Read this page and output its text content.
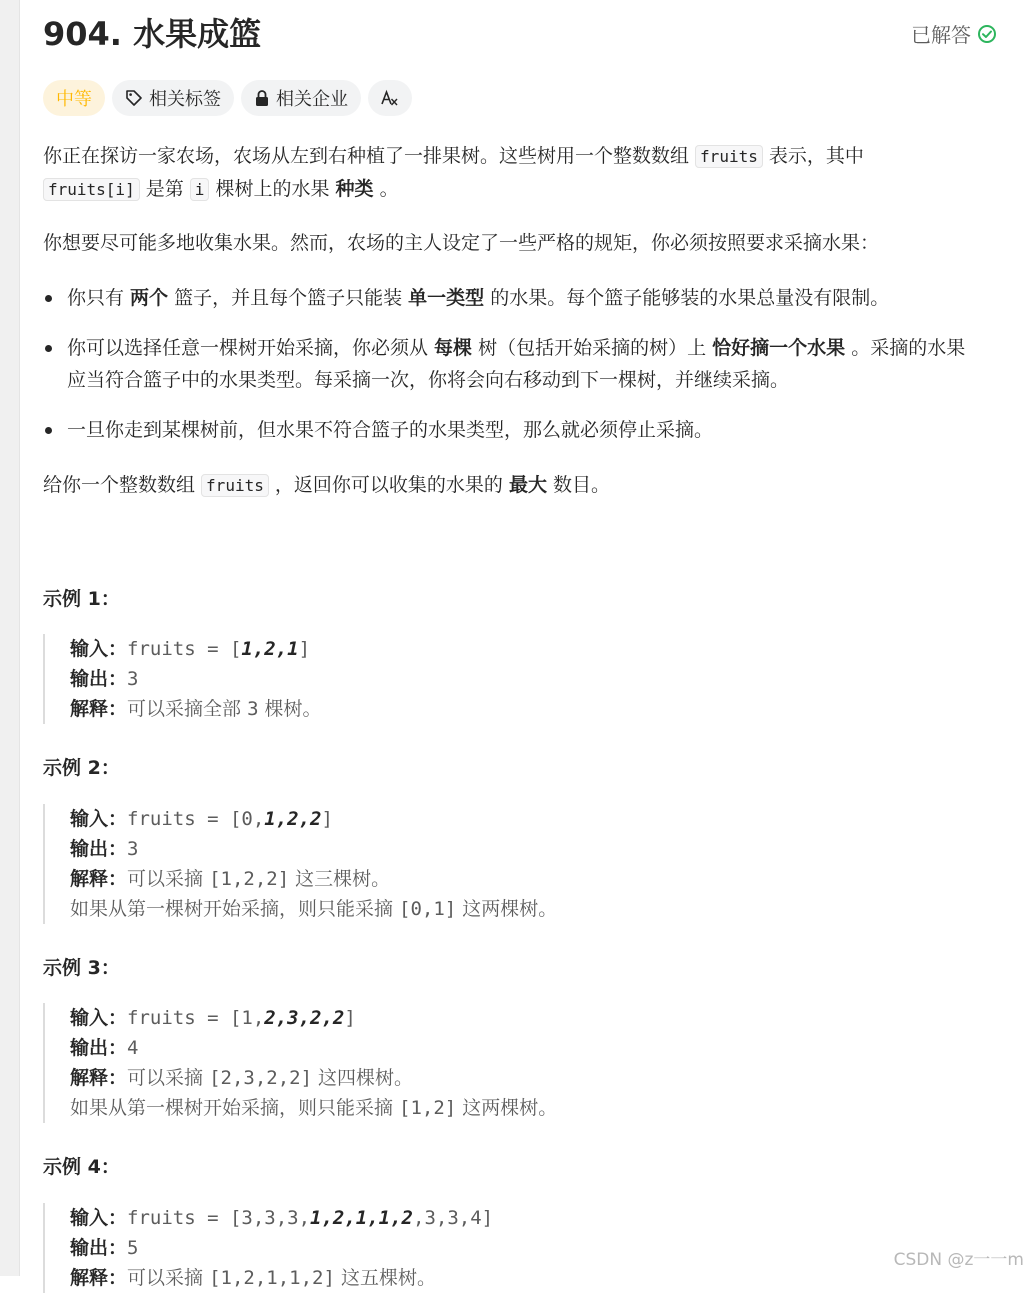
904. 水果成篮	已解答
中等	相关标签	相关企业

你正在探访一家农场，农场从左到右种植了一排果树。这些树用一个整数数组 fruits 表示，其中
fruits[i] 是第 i 棵树上的水果 种类 。

你想要尽可能多地收集水果。然而，农场的主人设定了一些严格的规矩，你必须按照要求采摘水果：

你只有 两个 篮子，并且每个篮子只能装 单一类型 的水果。每个篮子能够装的水果总量没有限制。
你可以选择任意一棵树开始采摘，你必须从 每棵 树（包括开始采摘的树）上 恰好摘一个水果 。采摘的水果应当符合篮子中的水果类型。每采摘一次，你将会向右移动到下一棵树，并继续采摘。
一旦你走到某棵树前，但水果不符合篮子的水果类型，那么就必须停止采摘。

给你一个整数数组 fruits ，返回你可以收集的水果的 最大 数目。

示例 1：
输入：fruits = [1,2,1]
输出：3
解释：可以采摘全部 3 棵树。
示例 2：
输入：fruits = [0,1,2,2]
输出：3
解释：可以采摘 [1,2,2] 这三棵树。
如果从第一棵树开始采摘，则只能采摘 [0,1] 这两棵树。
示例 3：
输入：fruits = [1,2,3,2,2]
输出：4
解释：可以采摘 [2,3,2,2] 这四棵树。
如果从第一棵树开始采摘，则只能采摘 [1,2] 这两棵树。
示例 4：
输入：fruits = [3,3,3,1,2,1,1,2,3,3,4]
输出：5
解释：可以采摘 [1,2,1,1,2] 这五棵树。
CSDN @z一一m
